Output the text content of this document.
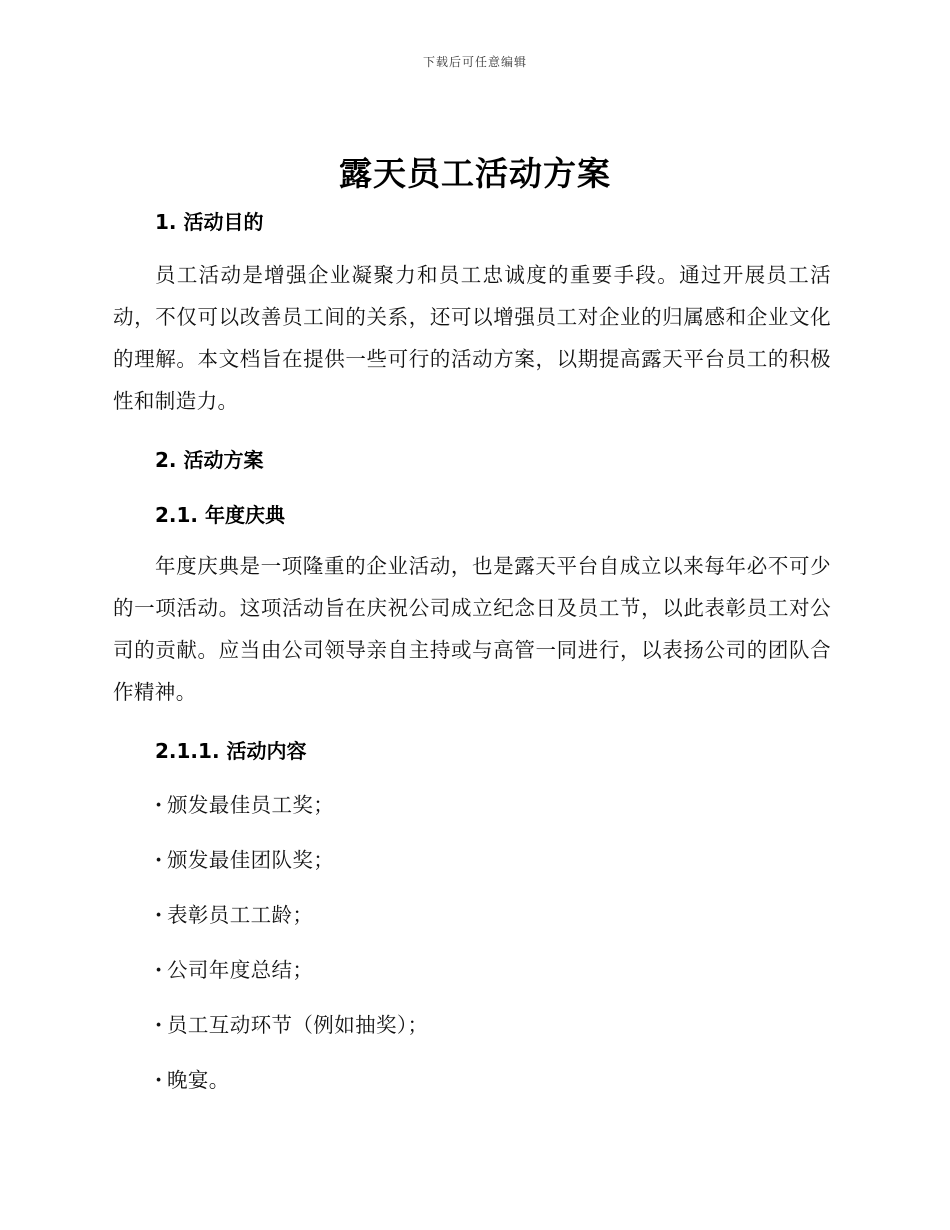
下载后可任意编辑
露天员工活动方案
1. 活动目的

员工活动是增强企业凝聚力和员工忠诚度的重要手段。通过开展员工活动，不仅可以改善员工间的关系，还可以增强员工对企业的归属感和企业文化的理解。本文档旨在提供一些可行的活动方案，以期提高露天平台员工的积极性和制造力。

2. 活动方案
2.1. 年度庆典

年度庆典是一项隆重的企业活动，也是露天平台自成立以来每年必不可少的一项活动。这项活动旨在庆祝公司成立纪念日及员工节，以此表彰员工对公司的贡献。应当由公司领导亲自主持或与高管一同进行，以表扬公司的团队合作精神。

2.1.1. 活动内容
· 颁发最佳员工奖；
· 颁发最佳团队奖；
· 表彰员工工龄；
· 公司年度总结；
· 员工互动环节（例如抽奖）；
· 晚宴。
